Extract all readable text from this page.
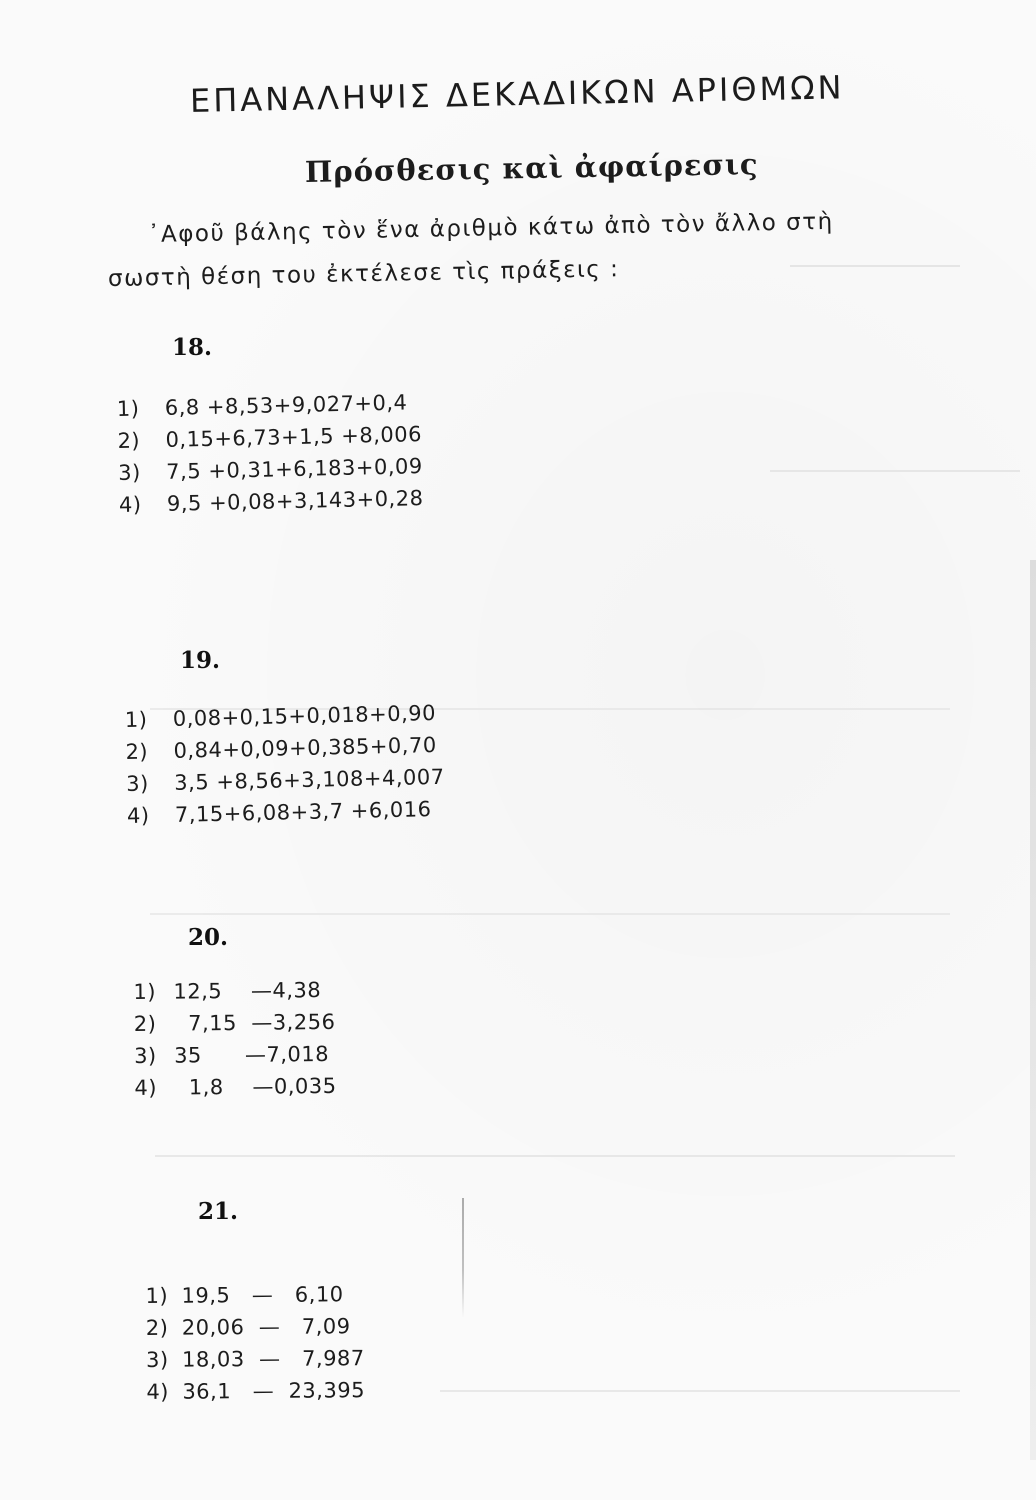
ΕΠΑΝΑΛΗΨΙΣ ΔΕΚΑΔΙΚΩΝ ΑΡΙΘΜΩΝ
Πρόσθεσις καὶ ἀφαίρεσις
᾽Αφοῦ βάλης τὸν ἕνα ἀριθμὸ κάτω ἀπὸ τὸν ἄλλο στὴ
σωστὴ θέση του ἐκτέλεσε τὶς πράξεις :
18.
1) 6,8 +8,53+9,027+0,4
2) 0,15+6,73+1,5 +8,006
3) 7,5 +0,31+6,183+0,09
4) 9,5 +0,08+3,143+0,28
19.
1) 0,08+0,15+0,018+0,90
2) 0,84+0,09+0,385+0,70
3) 3,5 +8,56+3,108+4,007
4) 7,15+6,08+3,7 +6,016
20.
1) 12,5    —4,38
2)  7,15  —3,256
3) 35      —7,018
4)  1,8    —0,035
21.
1) 19,5   —   6,10
2) 20,06  —   7,09
3) 18,03  —   7,987
4) 36,1   —  23,395
